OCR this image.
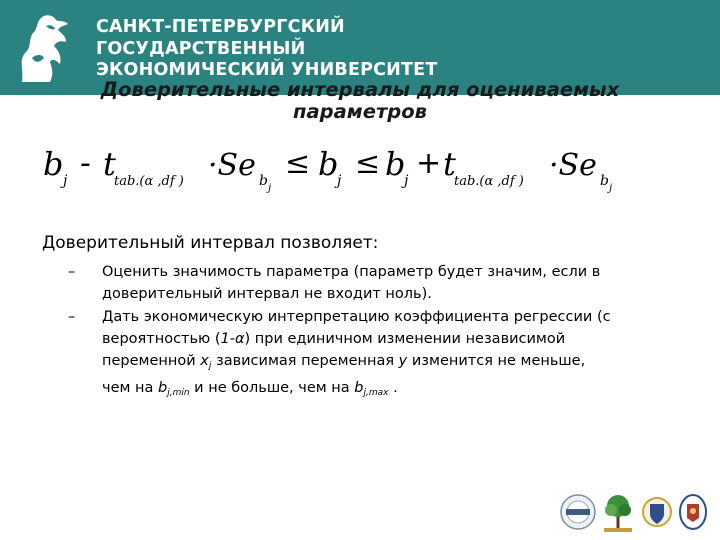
САНКТ-ПЕТЕРБУРГСКИЙ
ГОСУДАРСТВЕННЫЙ
ЭКОНОМИЧЕСКИЙ УНИВЕРСИТЕТ
Доверительные интервалы для оцениваемых
параметров
b j - t
tab.(α ,df ) ·Se b j
≤ b
j ≤ b
j + t
tab.(α ,df ) ·Se b j
Доверительный интервал позволяет:
– Оценить значимость параметра (параметр будет значим, если в
доверительный интервал не входит ноль).
– Дать экономическую интерпретацию коэффициента регрессии (с
вероятностью (1-α) при единичном изменении независимой
переменной $x_j$ зависимая переменная y изменится не меньше,
чем на $b_{j,min}$ и не больше, чем на $b_{j,max}$ .
